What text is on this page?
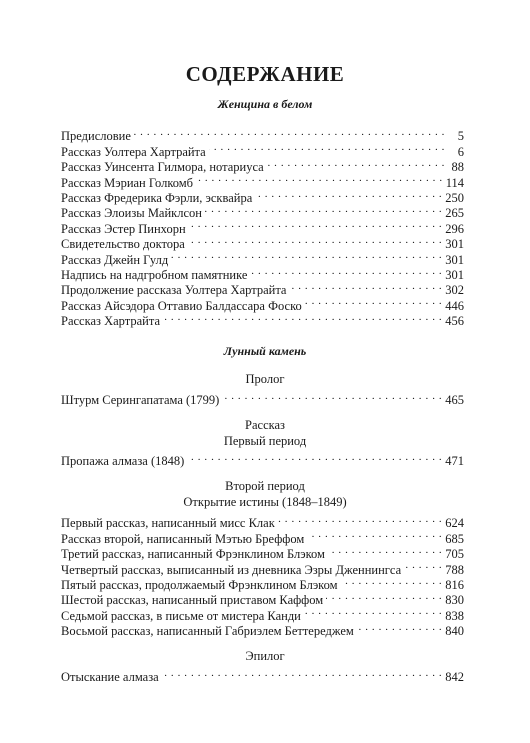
СОДЕРЖАНИЕ
Женщина в белом
Предисловие . . .	5
Рассказ Уолтера Хартрайта . . .	6
Рассказ Уинсента Гилмора, нотариуса . . .	88
Рассказ Мэриан Голкомб . . .	114
Рассказ Фредерика Фэрли, эсквайра . . .	250
Рассказ Элоизы Майклсон . . .	265
Рассказ Эстер Пинхорн . . .	296
Свидетельство доктора . . .	301
Рассказ Джейн Гулд . . .	301
Надпись на надгробном памятнике . . .	301
Продолжение рассказа Уолтера Хартрайта . . .	302
Рассказ Айсэдора Оттавио Балдассара Фоско . . .	446
Рассказ Хартрайта . . .	456
Лунный камень
Пролог
Штурм Серингапатама (1799) . . .	465
Рассказ
Первый период
Пропажа алмаза (1848) . . .	471
Второй период
Открытие истины (1848–1849)
Первый рассказ, написанный мисс Клак . . .	624
Рассказ второй, написанный Мэтью Бреффом . . .	685
Третий рассказ, написанный Фрэнклином Блэком . . .	705
Четвертый рассказ, выписанный из дневника Эзры Дженнингса . . .	788
Пятый рассказ, продолжаемый Фрэнклином Блэком . . .	816
Шестой рассказ, написанный приставом Каффом . . .	830
Седьмой рассказ, в письме от мистера Канди . . .	838
Восьмой рассказ, написанный Габриэлем Беттереджем . . .	840
Эпилог
Отыскание алмаза . . .	842
